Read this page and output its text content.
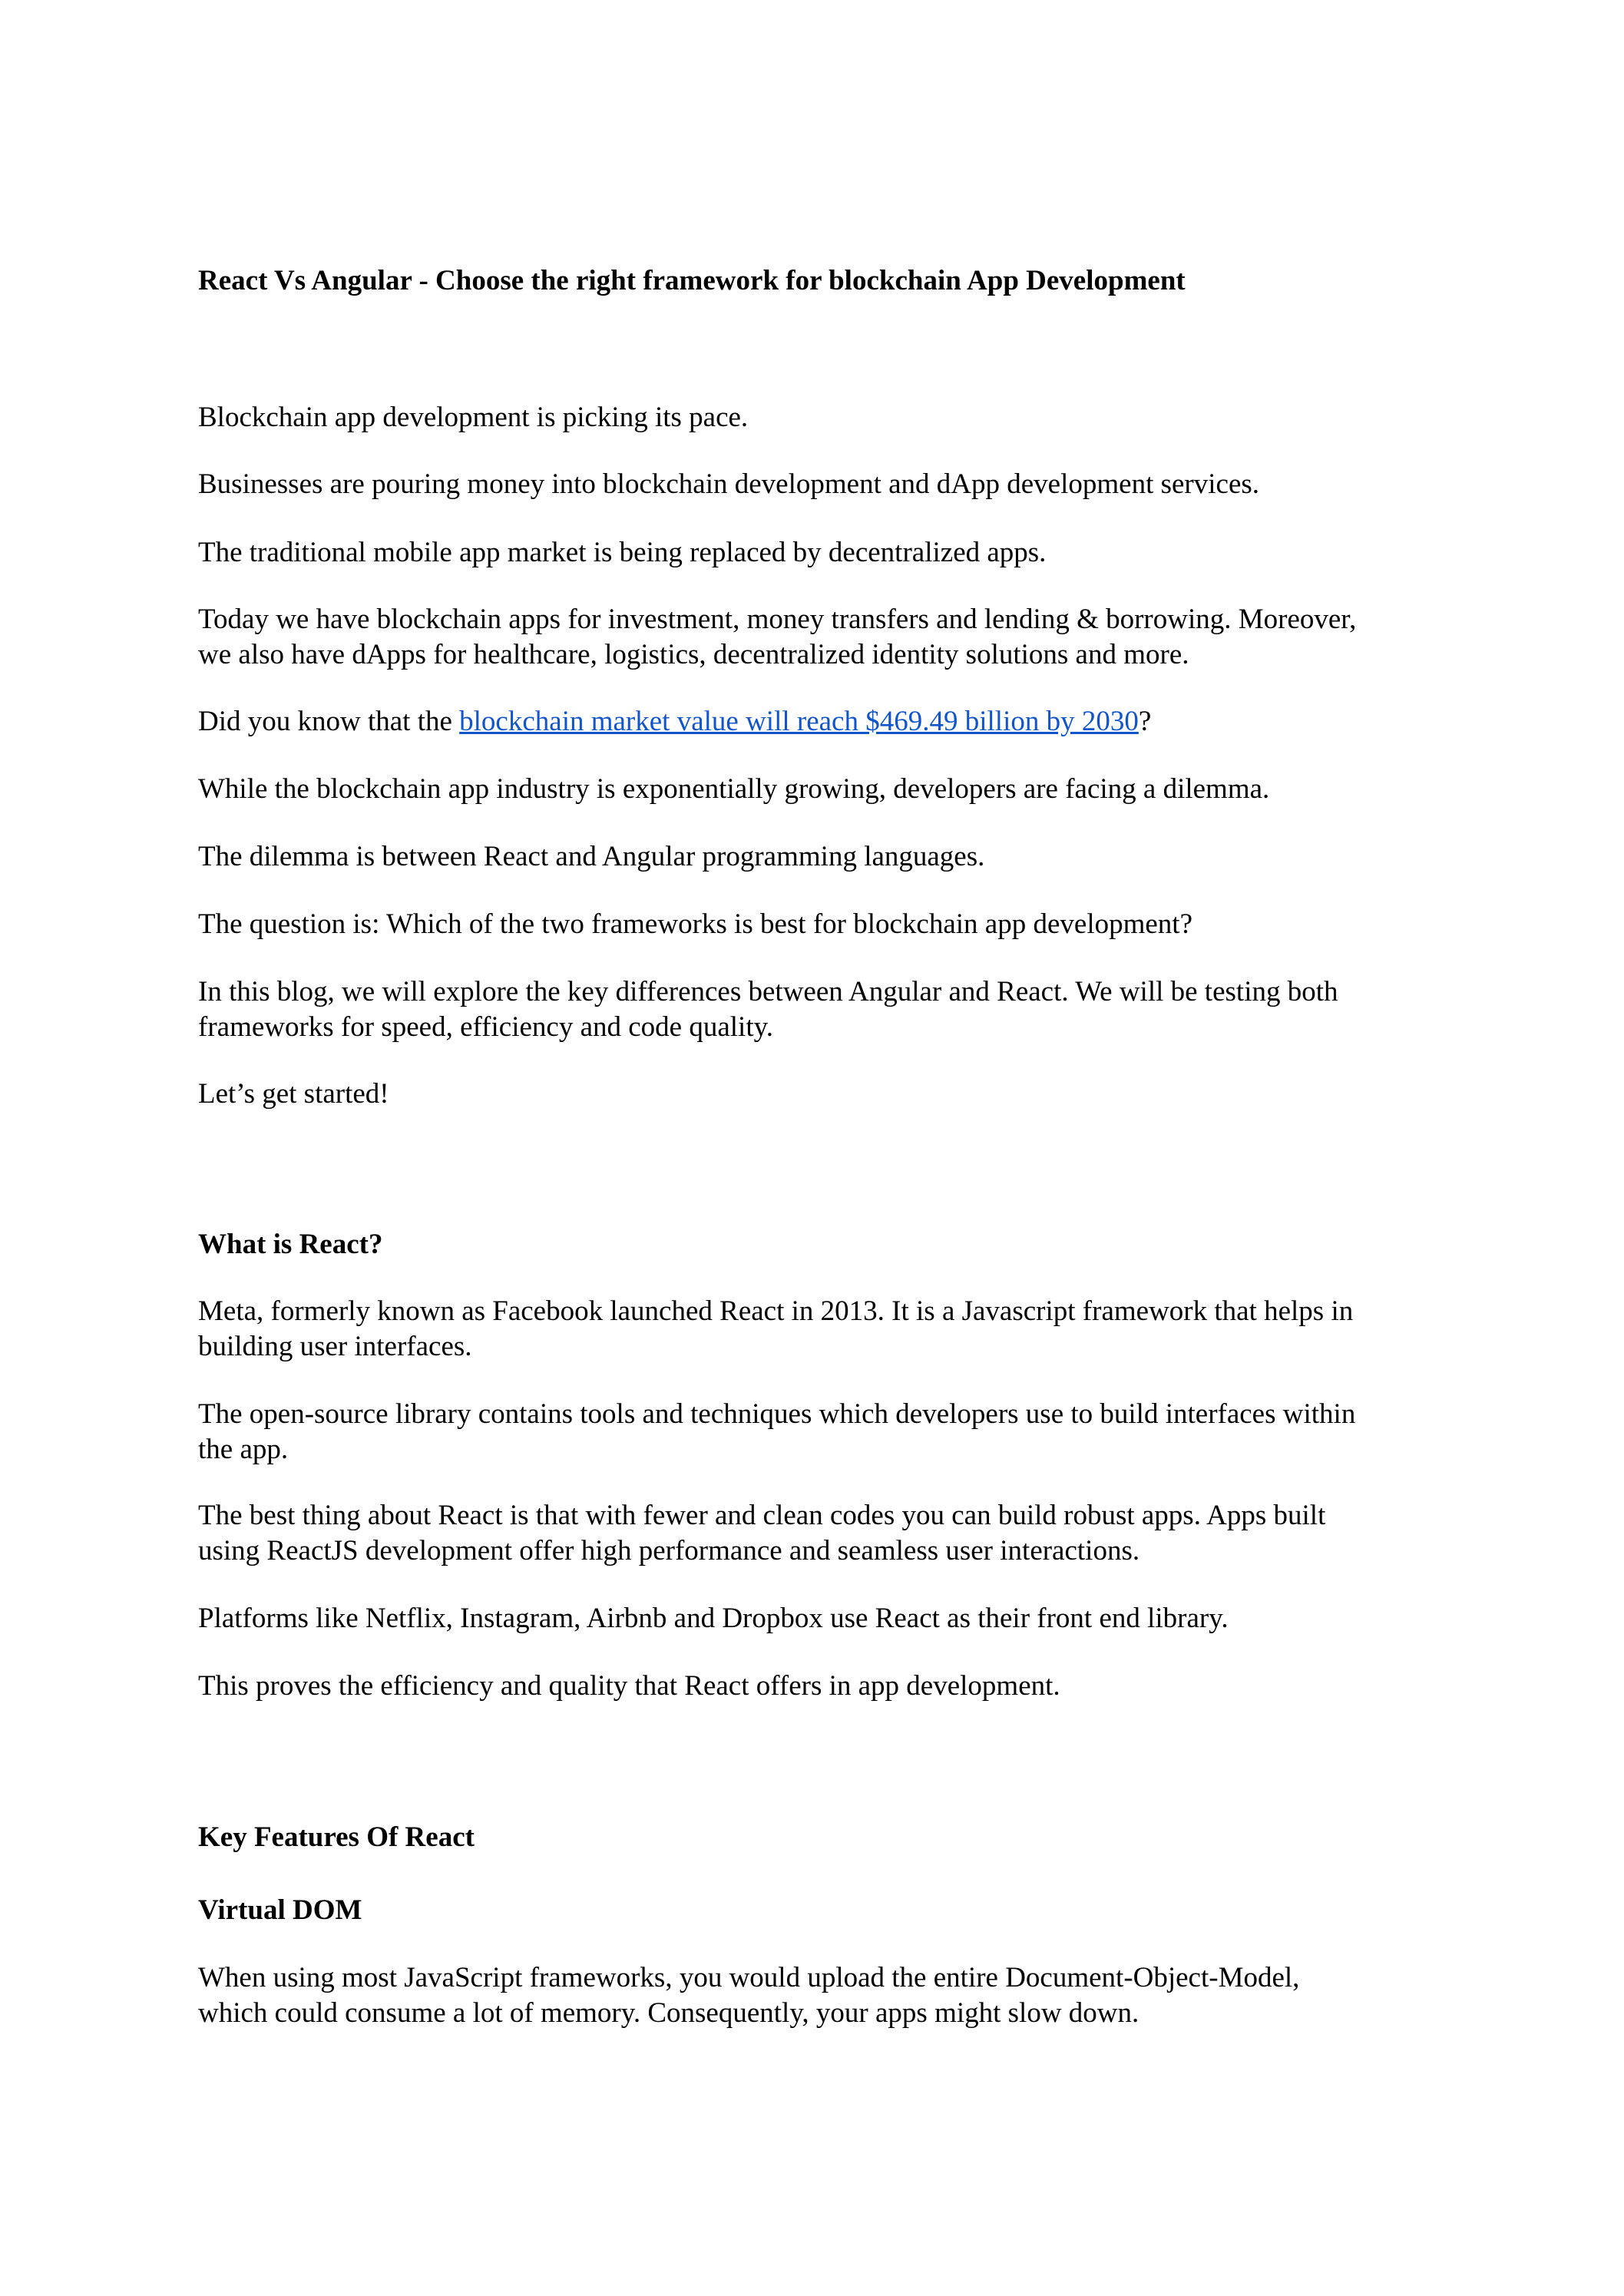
React Vs Angular - Choose the right framework for blockchain App Development

Blockchain app development is picking its pace.

Businesses are pouring money into blockchain development and dApp development services.

The traditional mobile app market is being replaced by decentralized apps.

Today we have blockchain apps for investment, money transfers and lending & borrowing. Moreover,
we also have dApps for healthcare, logistics, decentralized identity solutions and more.

Did you know that the blockchain market value will reach $469.49 billion by 2030?

While the blockchain app industry is exponentially growing, developers are facing a dilemma.

The dilemma is between React and Angular programming languages.

The question is: Which of the two frameworks is best for blockchain app development?

In this blog, we will explore the key differences between Angular and React. We will be testing both
frameworks for speed, efficiency and code quality.

Let’s get started!

What is React?

Meta, formerly known as Facebook launched React in 2013. It is a Javascript framework that helps in
building user interfaces.
The open-source library contains tools and techniques which developers use to build interfaces within
the app.
The best thing about React is that with fewer and clean codes you can build robust apps. Apps built
using ReactJS development offer high performance and seamless user interactions.

Platforms like Netflix, Instagram, Airbnb and Dropbox use React as their front end library.

This proves the efficiency and quality that React offers in app development.

Key Features Of React

Virtual DOM

When using most JavaScript frameworks, you would upload the entire Document-Object-Model,
which could consume a lot of memory. Consequently, your apps might slow down.
